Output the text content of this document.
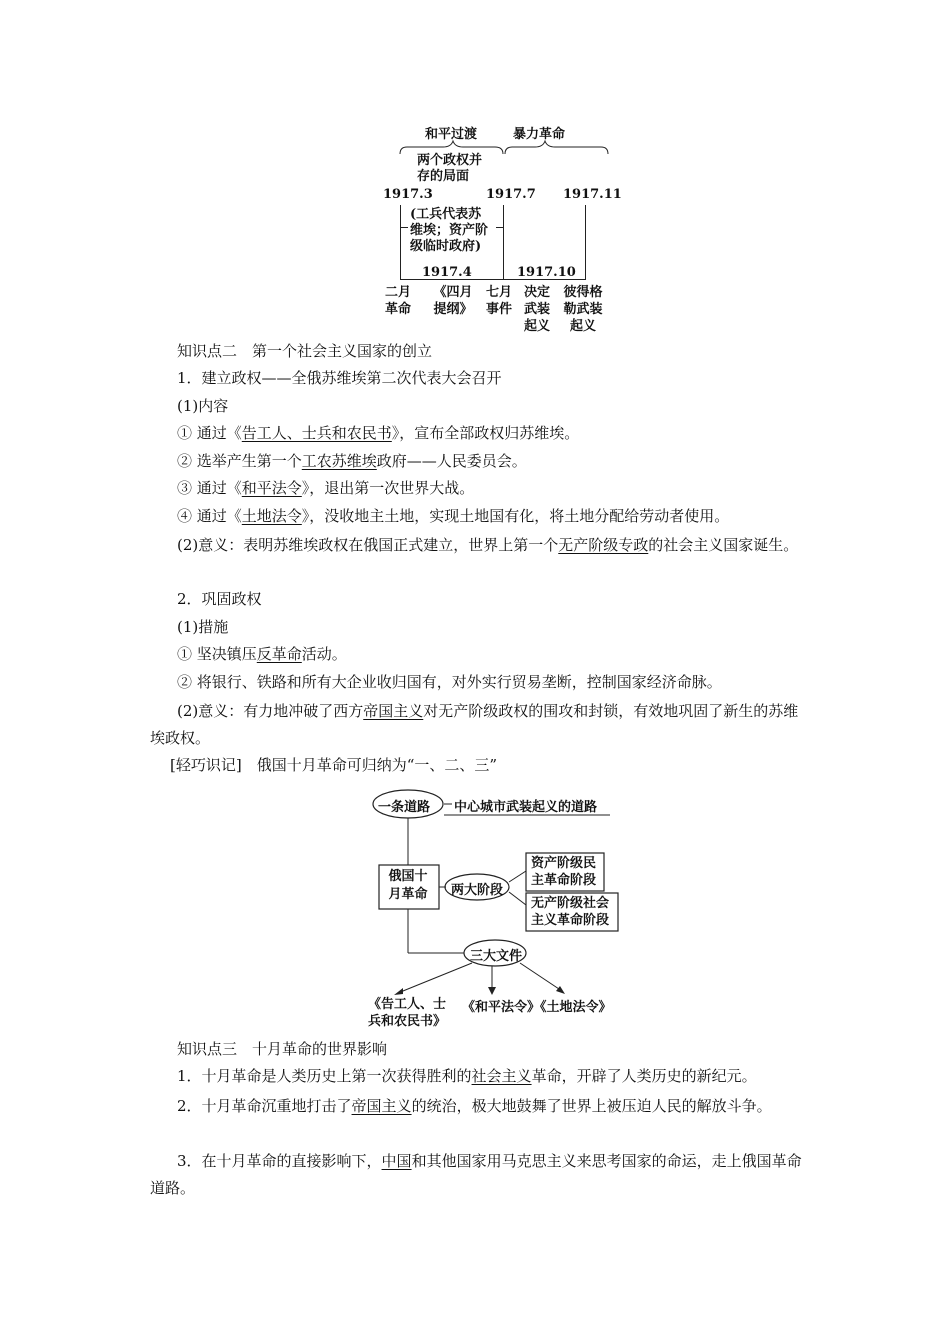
和平过渡	暴力革命
两个政权并
存的局面
1917.3	1917.7 1917.11
(工兵代表苏
维埃；资产阶
级临时政府)
1917.4	1917.10
二月
革命
《四月
提纲》
七月
事件
决定
武装
起义
彼得格
勒武装
起义
知识点二　第一个社会主义国家的创立
1．建立政权——全俄苏维埃第二次代表大会召开
(1)内容
① 通过《告工人、士兵和农民书》，宣布全部政权归苏维埃。
② 选举产生第一个工农苏维埃政府——人民委员会。
③ 通过《和平法令》，退出第一次世界大战。
④ 通过《土地法令》，没收地主土地，实现土地国有化，将土地分配给劳动者使用。
(2)意义：表明苏维埃政权在俄国正式建立，世界上第一个无产阶级专政的社会主义国家诞生。
2．巩固政权
(1)措施
① 坚决镇压反革命活动。
② 将银行、铁路和所有大企业收归国有，对外实行贸易垄断，控制国家经济命脉。
(2)意义：有力地冲破了西方帝国主义对无产阶级政权的围攻和封锁，有效地巩固了新生的苏维埃政权。
[轻巧识记]　俄国十月革命可归纳为“一、二、三”
一条道路 中心城市武装起义的道路
俄国十
月革命	两大阶段
资产阶级民
主革命阶段
无产阶级社会
主义革命阶段
三大文件
《告工人、士
兵和农民书》
《和平法令》《土地法令》
知识点三　十月革命的世界影响
1．十月革命是人类历史上第一次获得胜利的社会主义革命，开辟了人类历史的新纪元。
2．十月革命沉重地打击了帝国主义的统治，极大地鼓舞了世界上被压迫人民的解放斗争。
3．在十月革命的直接影响下，中国和其他国家用马克思主义来思考国家的命运，走上俄国革命道路。
